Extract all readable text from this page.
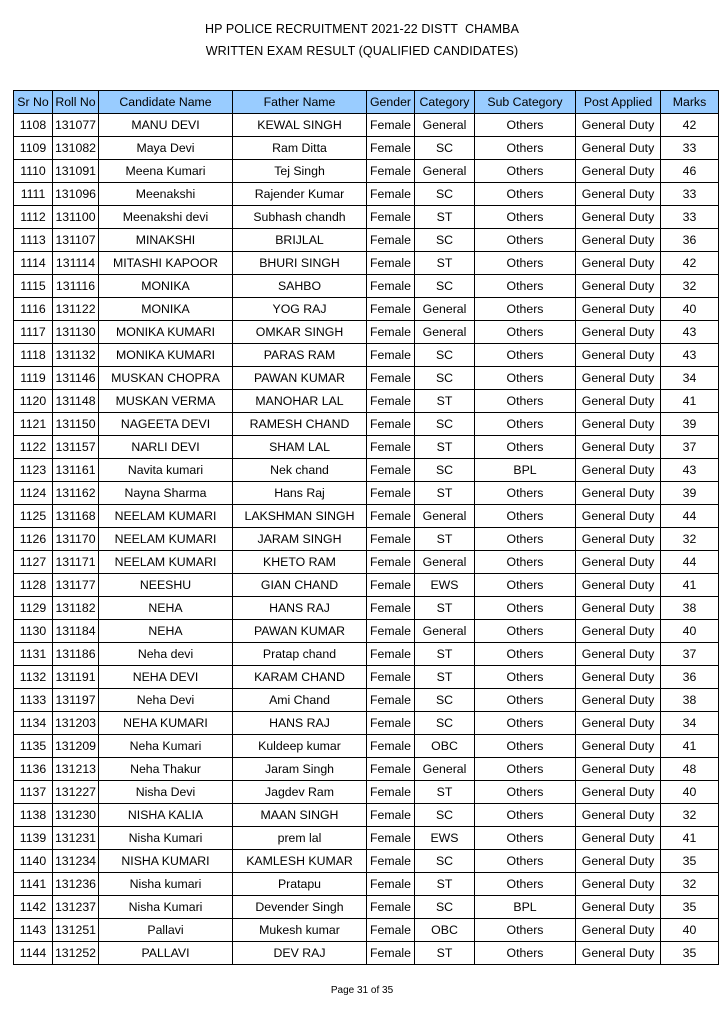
HP POLICE RECRUITMENT 2021-22 DISTT  CHAMBA
WRITTEN EXAM RESULT (QUALIFIED CANDIDATES)
Sr No	Roll No	Candidate Name	Father Name	Gender	Category	Sub Category	Post Applied	Marks
1108	131077	MANU DEVI	KEWAL SINGH	Female	General	Others	General Duty	42
1109	131082	Maya Devi	Ram Ditta	Female	SC	Others	General Duty	33
1110	131091	Meena Kumari	Tej Singh	Female	General	Others	General Duty	46
1111	131096	Meenakshi	Rajender Kumar	Female	SC	Others	General Duty	33
1112	131100	Meenakshi devi	Subhash chandh	Female	ST	Others	General Duty	33
1113	131107	MINAKSHI	BRIJLAL	Female	SC	Others	General Duty	36
1114	131114	MITASHI KAPOOR	BHURI SINGH	Female	ST	Others	General Duty	42
1115	131116	MONIKA	SAHBO	Female	SC	Others	General Duty	32
1116	131122	MONIKA	YOG RAJ	Female	General	Others	General Duty	40
1117	131130	MONIKA KUMARI	OMKAR SINGH	Female	General	Others	General Duty	43
1118	131132	MONIKA KUMARI	PARAS RAM	Female	SC	Others	General Duty	43
1119	131146	MUSKAN CHOPRA	PAWAN KUMAR	Female	SC	Others	General Duty	34
1120	131148	MUSKAN VERMA	MANOHAR LAL	Female	ST	Others	General Duty	41
1121	131150	NAGEETA DEVI	RAMESH CHAND	Female	SC	Others	General Duty	39
1122	131157	NARLI DEVI	SHAM LAL	Female	ST	Others	General Duty	37
1123	131161	Navita kumari	Nek chand	Female	SC	BPL	General Duty	43
1124	131162	Nayna Sharma	Hans Raj	Female	ST	Others	General Duty	39
1125	131168	NEELAM KUMARI	LAKSHMAN SINGH	Female	General	Others	General Duty	44
1126	131170	NEELAM KUMARI	JARAM SINGH	Female	ST	Others	General Duty	32
1127	131171	NEELAM KUMARI	KHETO RAM	Female	General	Others	General Duty	44
1128	131177	NEESHU	GIAN CHAND	Female	EWS	Others	General Duty	41
1129	131182	NEHA	HANS RAJ	Female	ST	Others	General Duty	38
1130	131184	NEHA	PAWAN KUMAR	Female	General	Others	General Duty	40
1131	131186	Neha devi	Pratap chand	Female	ST	Others	General Duty	37
1132	131191	NEHA DEVI	KARAM CHAND	Female	ST	Others	General Duty	36
1133	131197	Neha Devi	Ami Chand	Female	SC	Others	General Duty	38
1134	131203	NEHA KUMARI	HANS RAJ	Female	SC	Others	General Duty	34
1135	131209	Neha Kumari	Kuldeep kumar	Female	OBC	Others	General Duty	41
1136	131213	Neha Thakur	Jaram Singh	Female	General	Others	General Duty	48
1137	131227	Nisha Devi	Jagdev Ram	Female	ST	Others	General Duty	40
1138	131230	NISHA KALIA	MAAN SINGH	Female	SC	Others	General Duty	32
1139	131231	Nisha Kumari	prem lal	Female	EWS	Others	General Duty	41
1140	131234	NISHA KUMARI	KAMLESH KUMAR	Female	SC	Others	General Duty	35
1141	131236	Nisha kumari	Pratapu	Female	ST	Others	General Duty	32
1142	131237	Nisha Kumari	Devender Singh	Female	SC	BPL	General Duty	35
1143	131251	Pallavi	Mukesh kumar	Female	OBC	Others	General Duty	40
1144	131252	PALLAVI	DEV RAJ	Female	ST	Others	General Duty	35
Page 31 of 35
